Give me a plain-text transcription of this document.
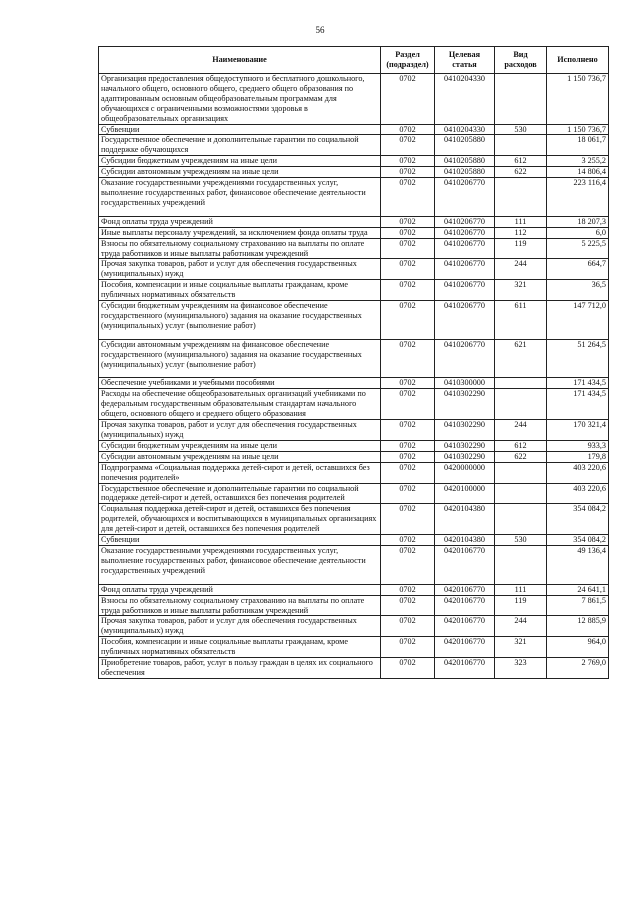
56
Наименование	Раздел (подраздел)	Целевая статья	Вид расходов	Исполнено
Организация предоставления общедоступного и бесплатного дошкольного, начального общего, основного общего, среднего общего образования по адаптированным основным общеобразовательным программам для обучающихся с ограниченными возможностями здоровья в общеобразовательных организациях	0702	0410204330		1 150 736,7
Субвенции	0702	0410204330	530	1 150 736,7
Государственное обеспечение и дополнительные гарантии по социальной поддержке обучающихся	0702	0410205880		18 061,7
Субсидии бюджетным учреждениям на иные цели	0702	0410205880	612	3 255,2
Субсидии автономным учреждениям на иные цели	0702	0410205880	622	14 806,4
Оказание государственными учреждениями государственных услуг, выполнение государственных работ, финансовое обеспечение деятельности государственных учреждений	0702	0410206770		223 116,4
Фонд оплаты труда учреждений	0702	0410206770	111	18 207,3
Иные выплаты персоналу учреждений, за исключением фонда оплаты труда	0702	0410206770	112	6,0
Взносы по обязательному социальному страхованию на выплаты по оплате труда работников и иные выплаты работникам учреждений	0702	0410206770	119	5 225,5
Прочая закупка товаров, работ и услуг для обеспечения государственных (муниципальных) нужд	0702	0410206770	244	664,7
Пособия, компенсации и иные социальные выплаты гражданам, кроме публичных нормативных обязательств	0702	0410206770	321	36,5
Субсидии бюджетным учреждениям на финансовое обеспечение государственного (муниципального) задания на оказание государственных (муниципальных) услуг (выполнение работ)	0702	0410206770	611	147 712,0
Субсидии автономным учреждениям на финансовое обеспечение государственного (муниципального) задания на оказание государственных (муниципальных) услуг (выполнение работ)	0702	0410206770	621	51 264,5
Обеспечение учебниками и учебными пособиями	0702	0410300000		171 434,5
Расходы на обеспечение общеобразовательных организаций учебниками по федеральным государственным образовательным стандартам начального общего, основного общего и среднего общего образования	0702	0410302290		171 434,5
Прочая закупка товаров, работ и услуг для обеспечения государственных (муниципальных) нужд	0702	0410302290	244	170 321,4
Субсидии бюджетным учреждениям на иные цели	0702	0410302290	612	933,3
Субсидии автономным учреждениям на иные цели	0702	0410302290	622	179,8
Подпрограмма «Социальная поддержка детей-сирот и детей, оставшихся без попечения родителей»	0702	0420000000		403 220,6
Государственное обеспечение и дополнительные гарантии по социальной поддержке детей-сирот и детей, оставшихся без попечения родителей	0702	0420100000		403 220,6
Социальная поддержка детей-сирот и детей, оставшихся без попечения родителей, обучающихся и воспитывающихся в муниципальных организациях для детей-сирот и детей, оставшихся без попечения родителей	0702	0420104380		354 084,2
Субвенции	0702	0420104380	530	354 084,2
Оказание государственными учреждениями государственных услуг, выполнение государственных работ, финансовое обеспечение деятельности государственных учреждений	0702	0420106770		49 136,4
Фонд оплаты труда учреждений	0702	0420106770	111	24 641,1
Взносы по обязательному социальному страхованию на выплаты по оплате труда работников и иные выплаты работникам учреждений	0702	0420106770	119	7 861,5
Прочая закупка товаров, работ и услуг для обеспечения государственных (муниципальных) нужд	0702	0420106770	244	12 885,9
Пособия, компенсации и иные социальные выплаты гражданам, кроме публичных нормативных обязательств	0702	0420106770	321	964,0
Приобретение товаров, работ, услуг в пользу граждан в целях их социального обеспечения	0702	0420106770	323	2 769,0
